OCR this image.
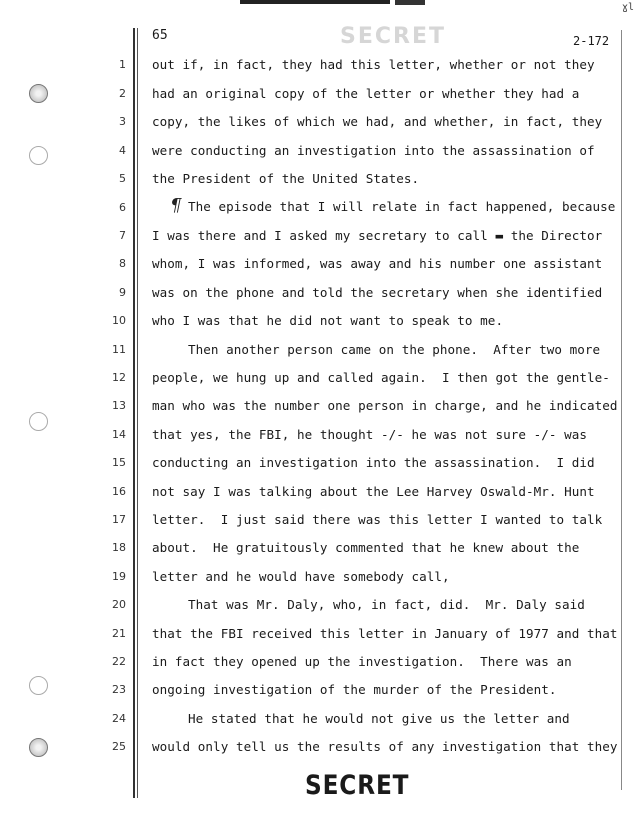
ɣl
65	SECRET	2-172
¶
1
2
3
4
5
6
7
8
9
10
11
12
13
14
15
16
17
18
19
20
21
22
23
24
25
out if, in fact, they had this letter, whether or not they
had an original copy of the letter or whether they had a
copy, the likes of which we had, and whether, in fact, they
were conducting an investigation into the assassination of
the President of the United States.
The episode that I will relate in fact happened, because
I was there and I asked my secretary to call ▬ the Director
whom, I was informed, was away and his number one assistant
was on the phone and told the secretary when she identified
who I was that he did not want to speak to me.
Then another person came on the phone.  After two more
people, we hung up and called again.  I then got the gentle-
man who was the number one person in charge, and he indicated
that yes, the FBI, he thought -/- he was not sure -/- was
conducting an investigation into the assassination.  I did
not say I was talking about the Lee Harvey Oswald-Mr. Hunt
letter.  I just said there was this letter I wanted to talk
about.  He gratuitously commented that he knew about the
letter and he would have somebody call,
That was Mr. Daly, who, in fact, did.  Mr. Daly said
that the FBI received this letter in January of 1977 and that
in fact they opened up the investigation.  There was an
ongoing investigation of the murder of the President.
He stated that he would not give us the letter and
would only tell us the results of any investigation that they
SECRET
